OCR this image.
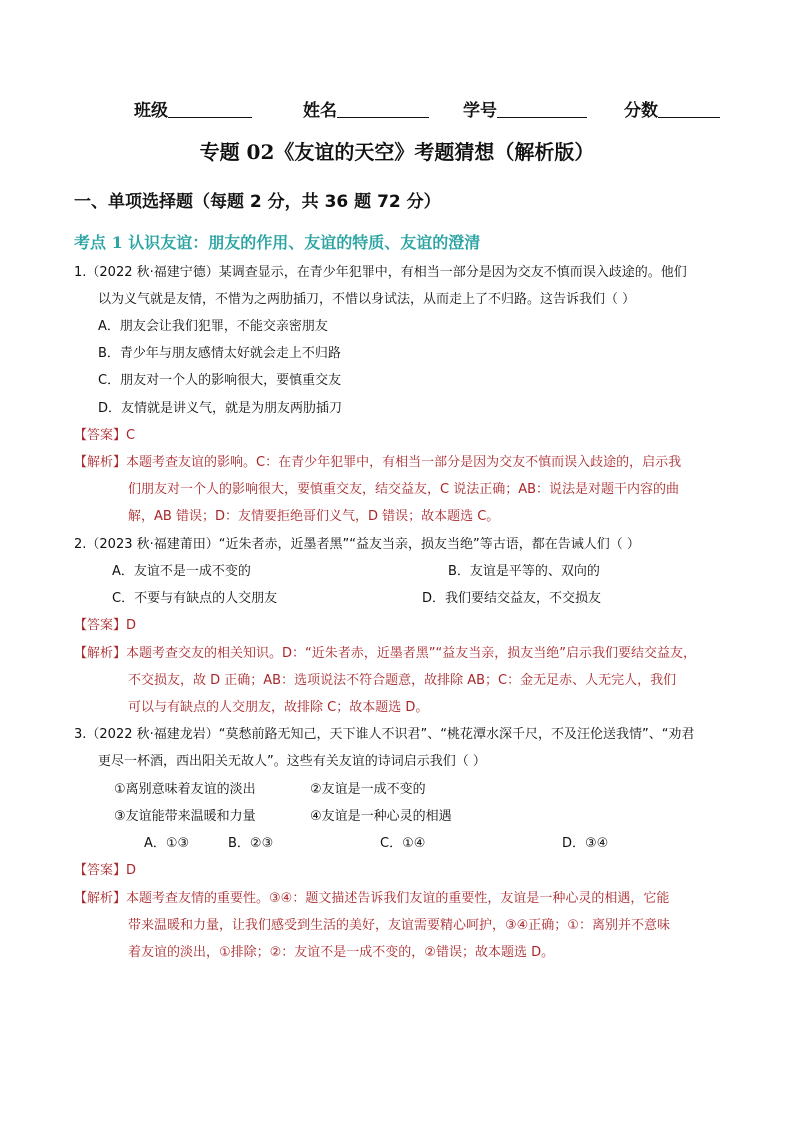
班级	姓名	学号	分数
专题 02《友谊的天空》考题猜想（解析版）
一、单项选择题（每题 2 分，共 36 题 72 分）
考点 1 认识友谊：朋友的作用、友谊的特质、友谊的澄清
1.（2022 秋·福建宁德）某调查显示，在青少年犯罪中，有相当一部分是因为交友不慎而误入歧途的。他们
以为义气就是友情，不惜为之两肋插刀，不惜以身试法，从而走上了不归路。这告诉我们（ ）
A．朋友会让我们犯罪，不能交亲密朋友
B．青少年与朋友感情太好就会走上不归路
C．朋友对一个人的影响很大，要慎重交友
D．友情就是讲义气，就是为朋友两肋插刀
【答案】C
【解析】本题考查友谊的影响。C：在青少年犯罪中，有相当一部分是因为交友不慎而误入歧途的，启示我
们朋友对一个人的影响很大，要慎重交友，结交益友，C 说法正确；AB：说法是对题干内容的曲
解，AB 错误；D：友情要拒绝哥们义气，D 错误；故本题选 C。
2.（2023 秋·福建莆田）“近朱者赤，近墨者黑”“益友当亲，损友当绝”等古语，都在告诫人们（ ）
A．友谊不是一成不变的	B．友谊是平等的、双向的
C．不要与有缺点的人交朋友	D．我们要结交益友，不交损友
【答案】D
【解析】本题考查交友的相关知识。D：“近朱者赤，近墨者黑”“益友当亲，损友当绝”启示我们要结交益友，
不交损友，故 D 正确；AB：选项说法不符合题意，故排除 AB；C：金无足赤、人无完人，我们
可以与有缺点的人交朋友，故排除 C；故本题选 D。
3.（2022 秋·福建龙岩）“莫愁前路无知己，天下谁人不识君”、“桃花潭水深千尺，不及汪伦送我情”、“劝君
更尽一杯酒，西出阳关无故人”。这些有关友谊的诗词启示我们（ ）
①离别意味着友谊的淡出	②友谊是一成不变的
③友谊能带来温暖和力量	④友谊是一种心灵的相遇
A．①③	B．②③	C．①④	D．③④
【答案】D
【解析】本题考查友情的重要性。③④：题文描述告诉我们友谊的重要性，友谊是一种心灵的相遇，它能
带来温暖和力量，让我们感受到生活的美好，友谊需要精心呵护，③④正确；①：离别并不意味
着友谊的淡出，①排除；②：友谊不是一成不变的，②错误；故本题选 D。
